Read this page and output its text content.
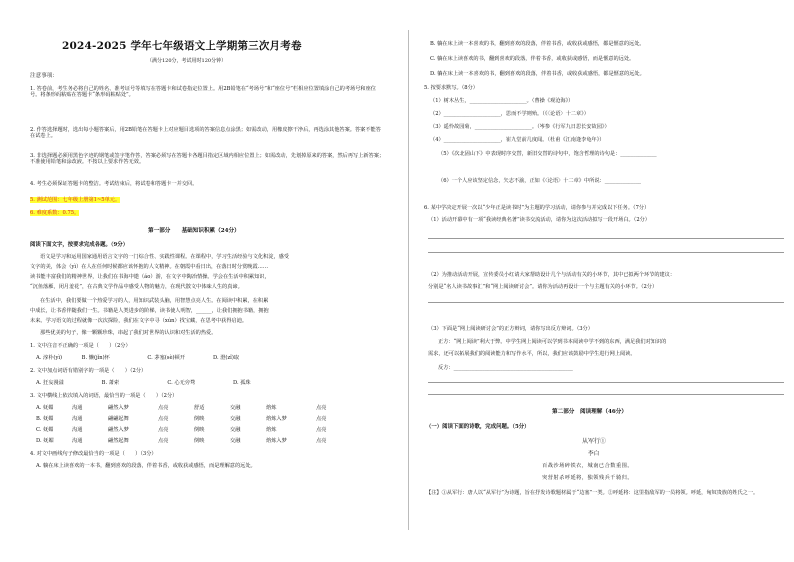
2024-2025 学年七年级语文上学期第三次月考卷
（满分120分，考试用时120分钟）
注意事项：
1. 答卷前，考生务必将自己的姓名、准考证号等填写在答题卡和试卷指定位置上。用2B铅笔在“考场号”和“座位号”栏相应位置填涂自己的考场号和座位号。将条形码粘贴在答题卡“条形码粘贴处”。
2. 作答选择题时，选出每小题答案后，用2B铅笔在答题卡上对应题目选项的答案信息点涂黑；如需改动，用橡皮擦干净后，再选涂其他答案。答案不能答在试卷上。
3. 非选择题必须用黑色字迹的钢笔或签字笔作答，答案必须写在答题卡各题目指定区域内相应位置上；如需改动，先划掉原来的答案，然后再写上新答案；不准使用铅笔和涂改液。不按以上要求作答无效。
4. 考生必须保证答题卡的整洁。考试结束后，将试卷和答题卡一并交回。
5. 测试范围：七年级上册第1~5单元。
6. 难度系数：0.75。
第一部分　　基础知识积累（24分）
阅读下面文字，按要求完成各题。（9分）
语文是学习和运用国家通用语言文字的一门综合性、实践性课程。在课程中，学习生活经验与文化积淀，感受
文字的美，体会（yì）在人在任何时候都应该怀抱的人文精神。在朝霞中看日出，在落日时分赏晚霞……
读书能丰富我们的精神世界，让我们在书海中遨（áo）游，在文字中陶冶情操。学会在生活中积累知识，
“沉鱼落雁，闭月羞花”，在古典文学作品中感受人物的魅力，在现代散文中体味人生的真谛。
在生活中，我们要做一个热爱学习的人，用知识武装头脑，用智慧点亮人生。在阅读中积累，在积累
中成长，让书香伴随我们一生。书籍是人类进步的阶梯，读书使人明智，______，让我们拥抱书籍，拥抱
未来。学习语文的过程就像一次次探险，我们在文字中寻（xún）找宝藏，在思考中获得启迪。
那些优美的句子，像一颗颗珍珠，串起了我们对世界的认识和对生活的热爱。
1. 文中注音不正确的一项是（　　）（2分）
A. 淳朴(yì)	B. 懒(jǐn)怀	C. 茅塞(sè)顿开	D. 澄(zǐ)取
2. 文中加点词语有错别字的一项是（　　）（2分）
A. 狂妄漫溢	B. 萧索	C. 心无旁骛	D. 孤珠
3. 文中横线上依次填入的词语，最恰当的一项是（　　）（2分）
A. 妩媚	沟通	翩然入梦	点亮	舒适	交融	熔炼	点亮
B. 妩媚	沟通	翩翩起舞	点亮	倒映	交融	熔炼入梦	点亮
C. 妩媚	沟通	翩然入梦	点亮	倒映	交融	熔炼	点亮
D. 妩媚	沟通	翩然起舞	点亮	倒映	交融	熔炼入梦	点亮
4. 对文中画线句子修改最恰当的一项是（　　）（3分）
A. 躺在床上读喜欢的一本书，翻到喜欢的段落，伴着书香，或收获或感悟，而是理解意的远处。
B. 躺在床上读一本喜欢的书，翻到喜欢的段落，伴着书香，或收获或感悟，都是惬意的远处。
C. 躺在床上读喜欢的书，翻到喜欢的段落，伴着书香，或收获或感悟，而是惬意的远处。
D. 躺在床上读一本喜欢的书，翻到喜欢的段落，伴着书香，或收获或感悟，都是惬意的远处。
5. 按要求默写。（8分）
（1）树木丛生，______________________。（曹操《观沧海》）
（2）______________________，思而不学则殆。（《〈论语〉十二章》）
（3）遥怜故园菊，______________________。（岑参《行军九日思长安故园》）
（4）______________________，崔九堂前几度闻。（杜甫《江南逢李龟年》）
（5）《次北固山下》中表现时序交替，新旧交替的诗句中，饱含哲理的诗句是：______________
（6）一个人应该坚定信念，矢志不渝，正如《〈论语〉十二章》中所说：______________
6. 某中学决定开展一次以“少年正是读书时”为主题的学习活动，请你参与并完成以下任务。（7分）
（1）活动开幕中有一项“我读经典名著”读书交流活动，请你为这次活动拟写一段开场白。（2分）
（2）为推动活动开展，宣传委员小红请大家帮助设计几个与活动有关的小环节，其中已拟两个环节的建议：
分别是“名人读书故事汇”和“网上阅读研讨会”。请你为活动再设计一个与主题有关的小环节。（2分）
（3）下面是“网上阅读研讨会”的正方辩词，请你写出反方辩词。（3分）
正方：“网上阅读”利大于弊。中学生网上阅读可以学到书本阅读中学不到的东西，满足我们对知识的
需求，还可以拓展我们的阅读能力和写作水平，所以，我们应该鼓励中学生进行网上阅读。
反方：______________________________________________
第二部分　阅读理解（46分）
（一）阅读下面的诗歌，完成问题。（5分）
从军行①
李白
百战沙场碎铁衣，城南已合数重围。
突营射杀呼延将，独领残兵千骑归。
【注】①从军行：唐人以“从军行”为诗题，旨在抒发诗歌题材属于“边塞”一类。②呼延将：这里指敌军的一员将领。呼延，匈奴贵族的姓氏之一。
